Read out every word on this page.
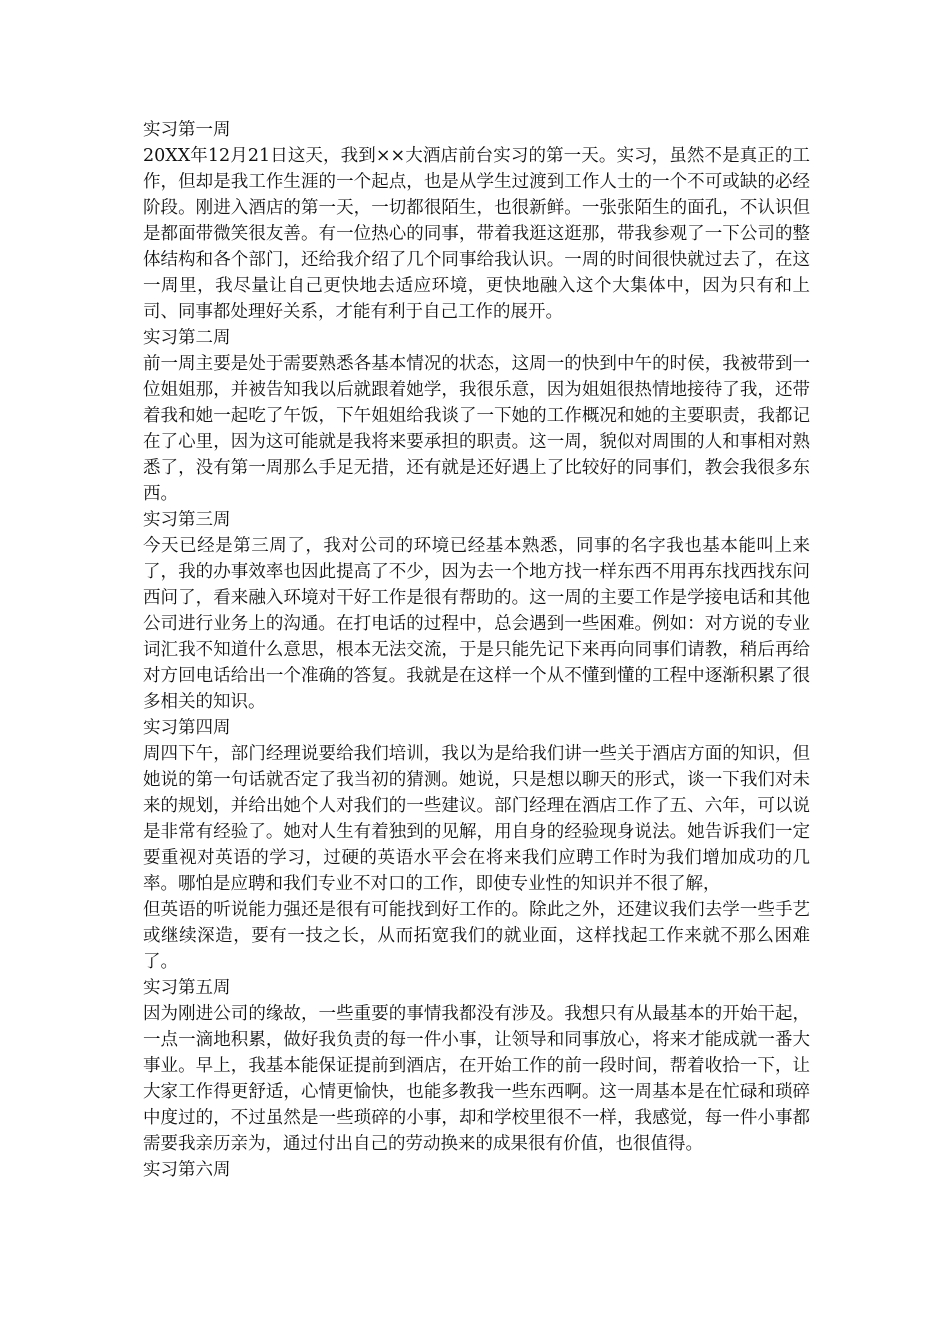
实习第一周
20XX年12月21日这天，我到××大酒店前台实习的第一天。实习，虽然不是真正的工作，但却是我工作生涯的一个起点，也是从学生过渡到工作人士的一个不可或缺的必经阶段。刚进入酒店的第一天，一切都很陌生，也很新鲜。一张张陌生的面孔，不认识但是都面带微笑很友善。有一位热心的同事，带着我逛这逛那，带我参观了一下公司的整体结构和各个部门，还给我介绍了几个同事给我认识。一周的时间很快就过去了，在这一周里，我尽量让自己更快地去适应环境，更快地融入这个大集体中，因为只有和上司、同事都处理好关系，才能有利于自己工作的展开。
实习第二周
前一周主要是处于需要熟悉各基本情况的状态，这周一的快到中午的时侯，我被带到一位姐姐那，并被告知我以后就跟着她学，我很乐意，因为姐姐很热情地接待了我，还带着我和她一起吃了午饭，下午姐姐给我谈了一下她的工作概况和她的主要职责，我都记在了心里，因为这可能就是我将来要承担的职责。这一周，貌似对周围的人和事相对熟悉了，没有第一周那么手足无措，还有就是还好遇上了比较好的同事们，教会我很多东西。
实习第三周
今天已经是第三周了，我对公司的环境已经基本熟悉，同事的名字我也基本能叫上来了，我的办事效率也因此提高了不少，因为去一个地方找一样东西不用再东找西找东问西问了，看来融入环境对干好工作是很有帮助的。这一周的主要工作是学接电话和其他公司进行业务上的沟通。在打电话的过程中，总会遇到一些困难。例如：对方说的专业词汇我不知道什么意思，根本无法交流，于是只能先记下来再向同事们请教，稍后再给对方回电话给出一个准确的答复。我就是在这样一个从不懂到懂的工程中逐渐积累了很多相关的知识。
实习第四周
周四下午，部门经理说要给我们培训，我以为是给我们讲一些关于酒店方面的知识，但她说的第一句话就否定了我当初的猜测。她说，只是想以聊天的形式，谈一下我们对未来的规划，并给出她个人对我们的一些建议。部门经理在酒店工作了五、六年，可以说是非常有经验了。她对人生有着独到的见解，用自身的经验现身说法。她告诉我们一定要重视对英语的学习，过硬的英语水平会在将来我们应聘工作时为我们增加成功的几率。哪怕是应聘和我们专业不对口的工作，即使专业性的知识并不很了解，
但英语的听说能力强还是很有可能找到好工作的。除此之外，还建议我们去学一些手艺或继续深造，要有一技之长，从而拓宽我们的就业面，这样找起工作来就不那么困难了。
实习第五周
因为刚进公司的缘故，一些重要的事情我都没有涉及。我想只有从最基本的开始干起，一点一滴地积累，做好我负责的每一件小事，让领导和同事放心，将来才能成就一番大事业。早上，我基本能保证提前到酒店，在开始工作的前一段时间，帮着收拾一下，让大家工作得更舒适，心情更愉快，也能多教我一些东西啊。这一周基本是在忙碌和琐碎中度过的，不过虽然是一些琐碎的小事，却和学校里很不一样，我感觉，每一件小事都需要我亲历亲为，通过付出自己的劳动换来的成果很有价值，也很值得。
实习第六周
